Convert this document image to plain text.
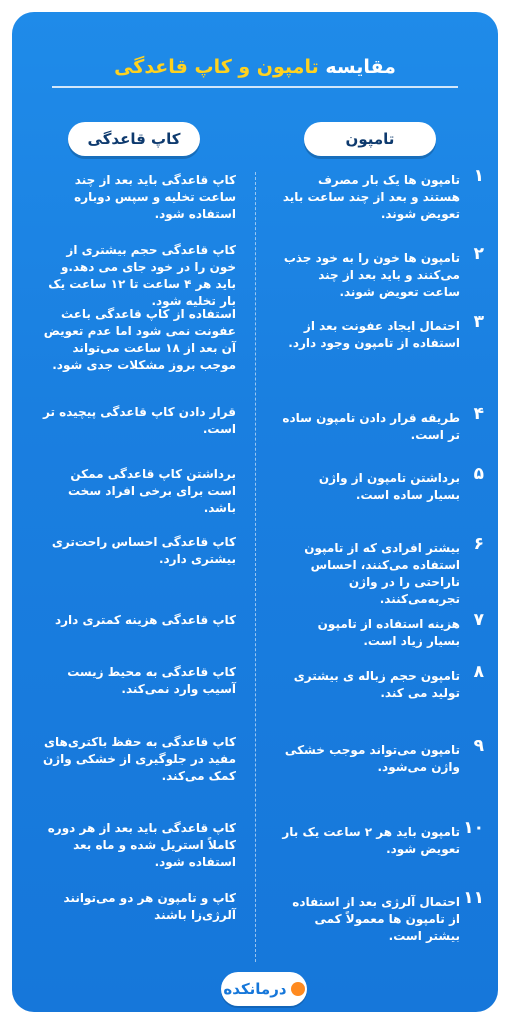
مقایسه تامپون و کاپ قاعدگی
تامپون
کاپ قاعدگی
۱
تامپون ها یک بار مصرف هستند و بعد از چند ساعت باید تعویض شوند.
۲
تامپون ها خون را به خود جذب می‌کنند و باید بعد از چند ساعت تعویض شوند.
۳
احتمال ایجاد عفونت بعد از استفاده از تامپون وجود دارد.
۴
طریقه قرار دادن تامپون ساده تر است.
۵
برداشتن تامپون از واژن بسیار ساده است.
۶
بیشتر افرادی که از تامپون استفاده می‌کنند، احساس ناراحتی را در واژن تجربه‌می‌کنند.
۷
هزینه استفاده از تامپون بسیار زیاد است.
۸
تامپون حجم زباله ی بیشتری تولید می کند.
۹
تامپون می‌تواند موجب خشکی واژن می‌شود.
۱۰
تامپون باید هر ۲ ساعت یک بار تعویض شود.
۱۱
احتمال آلرژی بعد از استفاده از تامپون ها معمولاً کمی بیشتر است.
کاپ قاعدگی باید بعد از چند ساعت تخلیه و سپس دوباره استفاده شود.
کاپ قاعدگی حجم بیشتری از خون را در خود جای می دهد.و باید هر ۴ ساعت تا ۱۲ ساعت یک بار تخلیه شود.
استفاده از کاپ قاعدگی باعث عفونت نمی شود اما عدم تعویض آن بعد از ۱۸ ساعت می‌تواند موجب بروز مشکلات جدی شود.
قرار دادن کاپ قاعدگی پیچیده تر است.
برداشتن کاپ قاعدگی ممکن است برای برخی افراد سخت باشد.
کاپ قاعدگی احساس راحت‌تری بیشتری دارد.
کاپ قاعدگی هزینه کمتری دارد
کاپ قاعدگی به محیط زیست آسیب وارد نمی‌کند.
کاپ قاعدگی به حفظ باکتری‌های مفید در جلوگیری از خشکی واژن کمک می‌کند.
کاپ قاعدگی باید بعد از هر دوره کاملاً استریل شده و ماه بعد استفاده شود.
کاپ و تامپون هر دو می‌توانند آلرژی‌زا باشند
درمانکده
